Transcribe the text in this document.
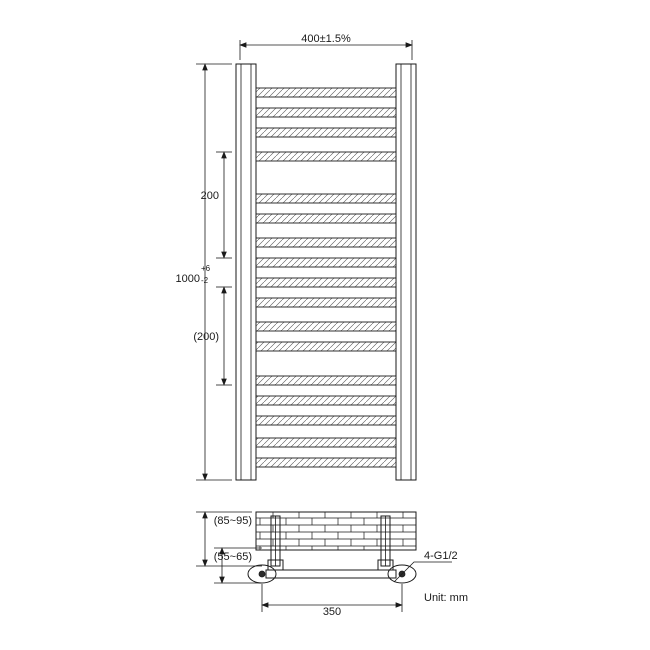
400±1.5%
1000
+6
-2
200
(200)
(85~95)
(55~65)
350
4-G1/2
Unit: mm
